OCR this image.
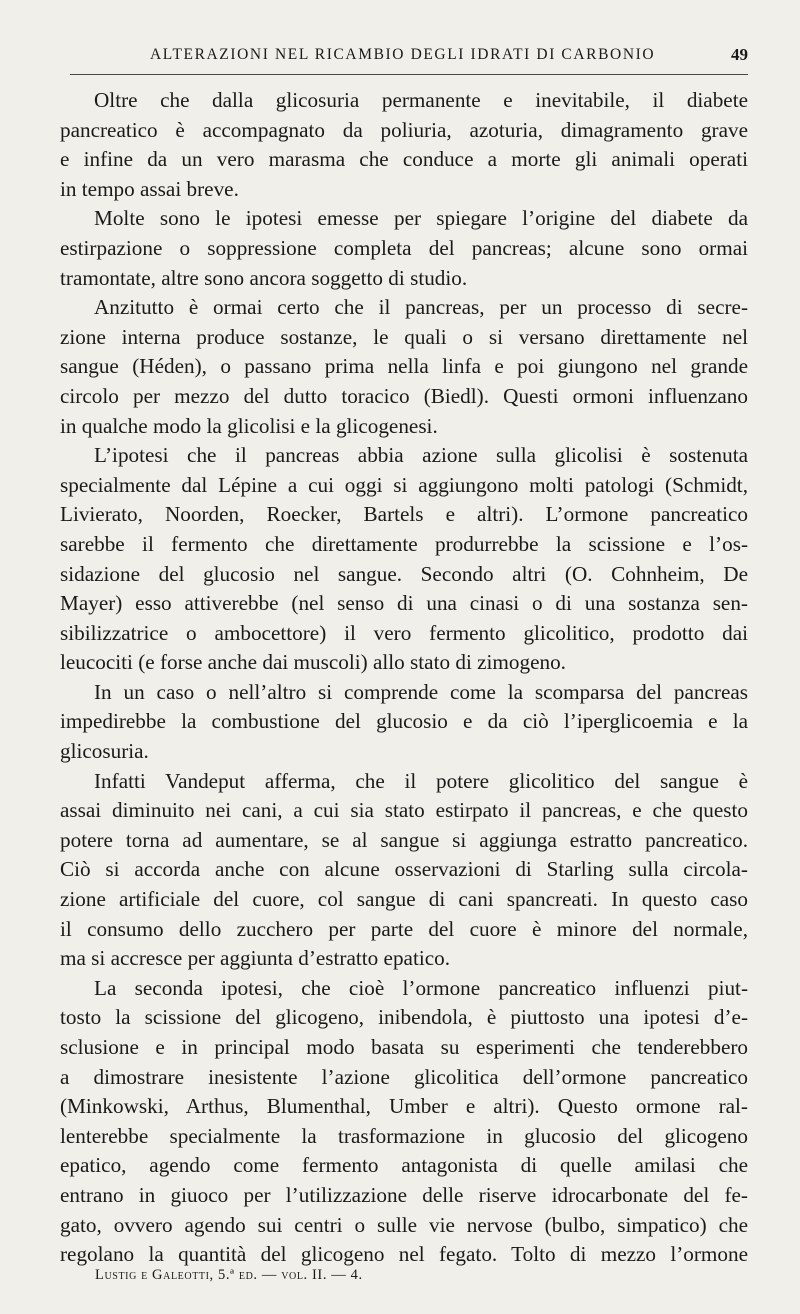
ALTERAZIONI NEL RICAMBIO DEGLI IDRATI DI CARBONIO	49
Oltre che dalla glicosuria permanente e inevitabile, il diabete
pancreatico è accompagnato da poliuria, azoturia, dimagramento grave
e infine da un vero marasma che conduce a morte gli animali operati
in tempo assai breve.
Molte sono le ipotesi emesse per spiegare l’origine del diabete da
estirpazione o soppressione completa del pancreas; alcune sono ormai
tramontate, altre sono ancora soggetto di studio.
Anzitutto è ormai certo che il pancreas, per un processo di secre-
zione interna produce sostanze, le quali o si versano direttamente nel
sangue (Héden), o passano prima nella linfa e poi giungono nel grande
circolo per mezzo del dutto toracico (Biedl). Questi ormoni influenzano
in qualche modo la glicolisi e la glicogenesi.
L’ipotesi che il pancreas abbia azione sulla glicolisi è sostenuta
specialmente dal Lépine a cui oggi si aggiungono molti patologi (Schmidt,
Livierato, Noorden, Roecker, Bartels e altri). L’ormone pancreatico
sarebbe il fermento che direttamente produrrebbe la scissione e l’os-
sidazione del glucosio nel sangue. Secondo altri (O. Cohnheim, De
Mayer) esso attiverebbe (nel senso di una cinasi o di una sostanza sen-
sibilizzatrice o ambocettore) il vero fermento glicolitico, prodotto dai
leucociti (e forse anche dai muscoli) allo stato di zimogeno.
In un caso o nell’altro si comprende come la scomparsa del pancreas
impedirebbe la combustione del glucosio e da ciò l’iperglicoemia e la
glicosuria.
Infatti Vandeput afferma, che il potere glicolitico del sangue è
assai diminuito nei cani, a cui sia stato estirpato il pancreas, e che questo
potere torna ad aumentare, se al sangue si aggiunga estratto pancreatico.
Ciò si accorda anche con alcune osservazioni di Starling sulla circola-
zione artificiale del cuore, col sangue di cani spancreati. In questo caso
il consumo dello zucchero per parte del cuore è minore del normale,
ma si accresce per aggiunta d’estratto epatico.
La seconda ipotesi, che cioè l’ormone pancreatico influenzi piut-
tosto la scissione del glicogeno, inibendola, è piuttosto una ipotesi d’e-
sclusione e in principal modo basata su esperimenti che tenderebbero
a dimostrare inesistente l’azione glicolitica dell’ormone pancreatico
(Minkowski, Arthus, Blumenthal, Umber e altri). Questo ormone ral-
lenterebbe specialmente la trasformazione in glucosio del glicogeno
epatico, agendo come fermento antagonista di quelle amilasi che
entrano in giuoco per l’utilizzazione delle riserve idrocarbonate del fe-
gato, ovvero agendo sui centri o sulle vie nervose (bulbo, simpatico) che
regolano la quantità del glicogeno nel fegato. Tolto di mezzo l’ormone
Lustig e Galeotti, 5.ª ed. — vol. II. — 4.
